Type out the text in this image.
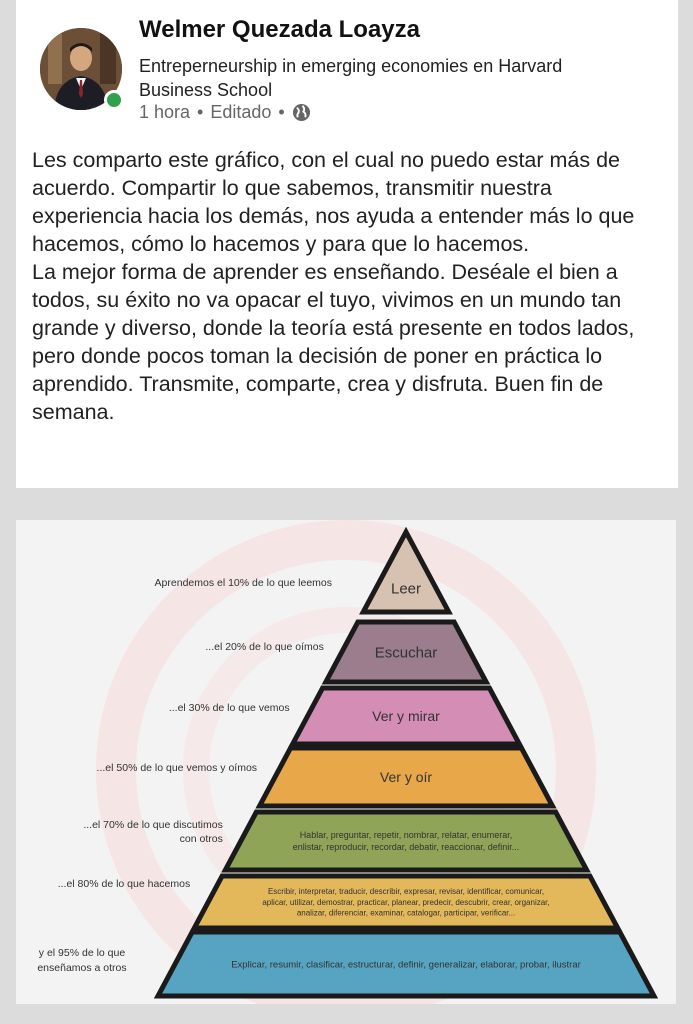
Welmer Quezada Loayza
Entreperneurship in emerging economies en Harvard Business School
1 hora • Editado •
Les comparto este gráfico, con el cual no puedo estar más de acuerdo. Compartir lo que sabemos, transmitir nuestra experiencia hacia los demás, nos ayuda a entender más lo que hacemos, cómo lo hacemos y para que lo hacemos.
La mejor forma de aprender es enseñando. Deséale el bien a todos, su éxito no va opacar el tuyo, vivimos en un mundo tan grande y diverso, donde la teoría está presente en todos lados, pero donde pocos toman la decisión de poner en práctica lo aprendido. Transmite, comparte, crea y disfruta. Buen fin de semana.
Leer
Aprendemos el 10% de lo que leemos
Escuchar
...el 20% de lo que oímos
Ver y mirar
...el 30% de lo que vemos
Ver y oír
...el 50% de lo que vemos y oímos
Hablar, preguntar, repetir, nombrar, relatar, enumerar,
enlistar, reproducir, recordar, debatir, reaccionar, definir...
...el 70% de lo que discutimos
con otros
Escribir, interpretar, traducir, describir, expresar, revisar, identificar, comunicar,
aplicar, utilizar, demostrar, practicar, planear, predecir, descubrir, crear, organizar,
analizar, diferenciar, examinar, catalogar, participar, verificar...
...el 80% de lo que hacemos
Explicar, resumir, clasificar, estructurar, definir, generalizar, elaborar, probar, ilustrar
y el 95% de lo que
enseñamos a otros
